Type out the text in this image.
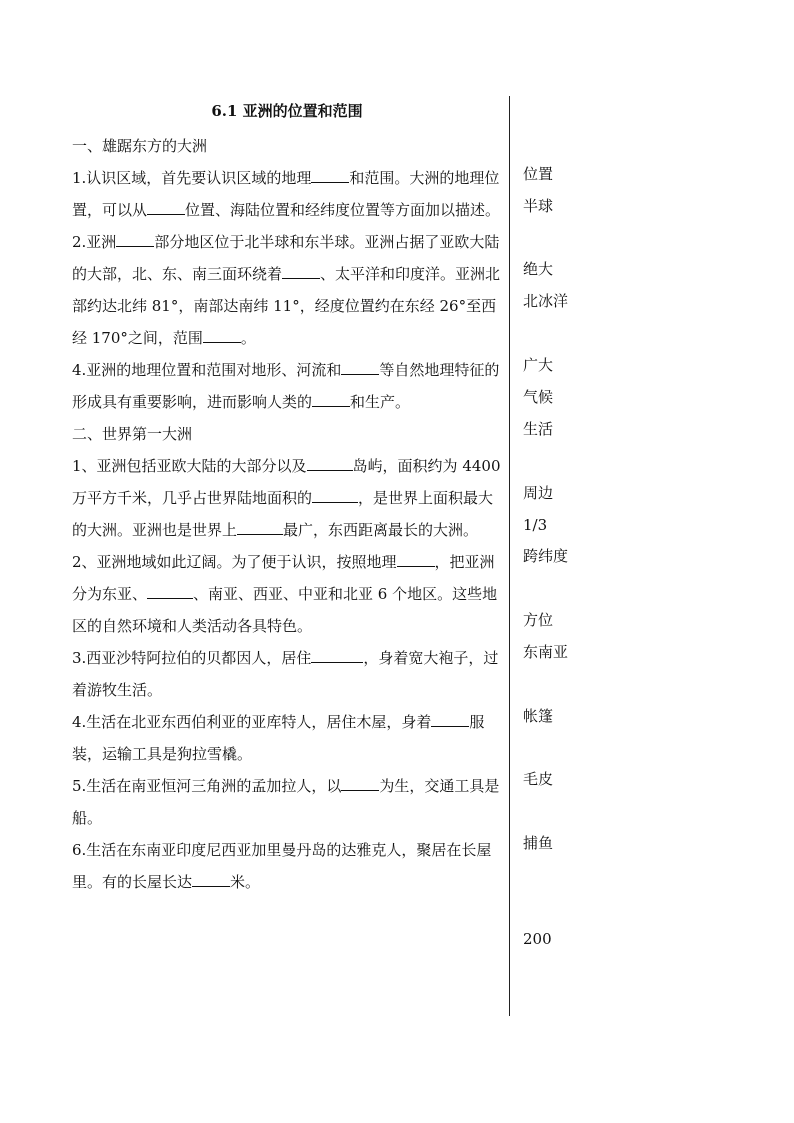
6.1 亚洲的位置和范围

一、雄踞东方的大洲

1.认识区域，首先要认识区域的地理	和范围。大洲的地理位置，可以从	位置、海陆位置和经纬度位置等方面加以描述。

2.亚洲	部分地区位于北半球和东半球。亚洲占据了亚欧大陆的大部，北、东、南三面环绕着	、太平洋和印度洋。亚洲北部约达北纬 81°，南部达南纬 11°，经度位置约在东经 26°至西经 170°之间，范围	。

4.亚洲的地理位置和范围对地形、河流和	等自然地理特征的形成具有重要影响，进而影响人类的	和生产。

二、世界第一大洲

1、亚洲包括亚欧大陆的大部分以及	岛屿，面积约为 4400 万平方千米，几乎占世界陆地面积的	，是世界上面积最大的大洲。亚洲也是世界上	最广，东西距离最长的大洲。

2、亚洲地域如此辽阔。为了便于认识，按照地理	，把亚洲分为东亚、	、南亚、西亚、中亚和北亚 6 个地区。这些地区的自然环境和人类活动各具特色。

3.西亚沙特阿拉伯的贝都因人，居住	，身着宽大袍子，过着游牧生活。

4.生活在北亚东西伯利亚的亚库特人，居住木屋，身着	服装，运输工具是狗拉雪橇。

5.生活在南亚恒河三角洲的孟加拉人，以	为生，交通工具是船。

6.生活在东南亚印度尼西亚加里曼丹岛的达雅克人，聚居在长屋里。有的长屋长达	米。

位置
半球
绝大
北冰洋
广大
气候
生活
周边
1/3
跨纬度
方位
东南亚
帐篷
毛皮
捕鱼
200
